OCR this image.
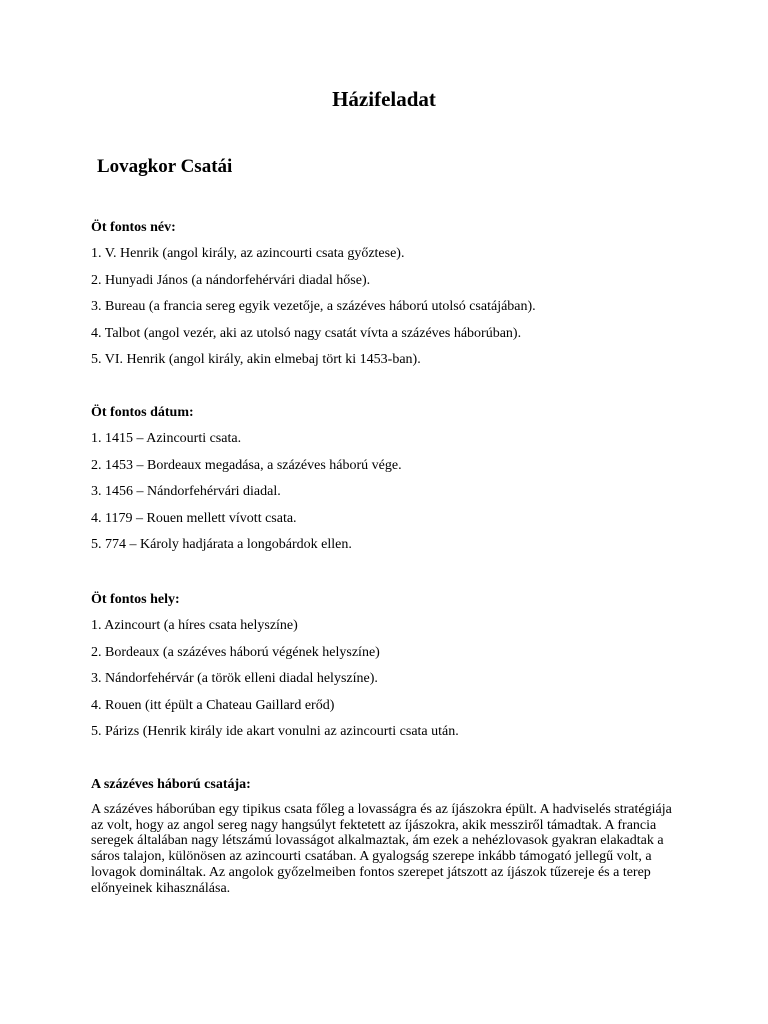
Házifeladat
Lovagkor Csatái

Öt fontos név:

1. V. Henrik (angol király, az azincourti csata győztese).

2. Hunyadi János (a nándorfehérvári diadal hőse).

3. Bureau (a francia sereg egyik vezetője, a százéves háború utolsó csatájában).

4. Talbot (angol vezér, aki az utolsó nagy csatát vívta a százéves háborúban).

5. VI. Henrik (angol király, akin elmebaj tört ki 1453-ban).

Öt fontos dátum:

1. 1415 – Azincourti csata.

2. 1453 – Bordeaux megadása, a százéves háború vége.

3. 1456 – Nándorfehérvári diadal.

4. 1179 – Rouen mellett vívott csata.

5. 774 – Károly hadjárata a longobárdok ellen.

Öt fontos hely:

1. Azincourt (a híres csata helyszíne)

2. Bordeaux (a százéves háború végének helyszíne)

3. Nándorfehérvár (a török elleni diadal helyszíne).

4. Rouen (itt épült a Chateau Gaillard erőd)

5. Párizs (Henrik király ide akart vonulni az azincourti csata után.

A százéves háború csatája:

A százéves háborúban egy tipikus csata főleg a lovasságra és az íjászokra épült. A hadviselés stratégiája az volt, hogy az angol sereg nagy hangsúlyt fektetett az íjászokra, akik messziről támadtak. A francia seregek általában nagy létszámú lovasságot alkalmaztak, ám ezek a nehézlovasok gyakran elakadtak a sáros talajon, különösen az azincourti csatában. A gyalogság szerepe inkább támogató jellegű volt, a lovagok domináltak. Az angolok győzelmeiben fontos szerepet játszott az íjászok tűzereje és a terep előnyeinek kihasználása.
